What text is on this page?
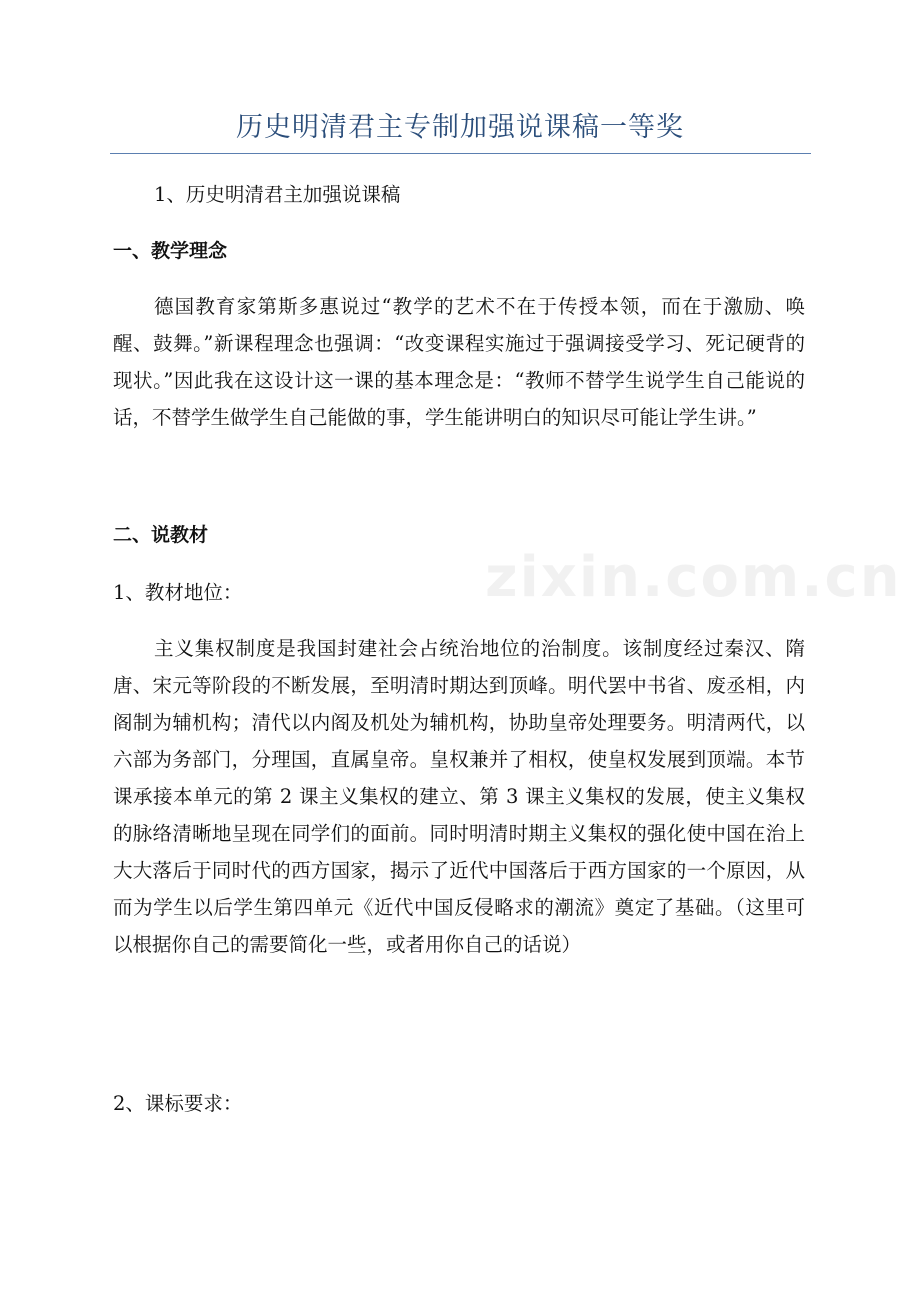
历史明清君主专制加强说课稿一等奖

1、历史明清君主加强说课稿

一、教学理念

德国教育家第斯多惠说过“教学的艺术不在于传授本领，而在于激励、唤醒、鼓舞。”新课程理念也强调：“改变课程实施过于强调接受学习、死记硬背的现状。”因此我在这设计这一课的基本理念是：“教师不替学生说学生自己能说的话，不替学生做学生自己能做的事，学生能讲明白的知识尽可能让学生讲。”

二、说教材

1、教材地位：

主义集权制度是我国封建社会占统治地位的治制度。该制度经过秦汉、隋唐、宋元等阶段的不断发展，至明清时期达到顶峰。明代罢中书省、废丞相，内阁制为辅机构；清代以内阁及机处为辅机构，协助皇帝处理要务。明清两代，以六部为务部门，分理国，直属皇帝。皇权兼并了相权，使皇权发展到顶端。本节课承接本单元的第 2 课主义集权的建立、第 3 课主义集权的发展，使主义集权的脉络清晰地呈现在同学们的面前。同时明清时期主义集权的强化使中国在治上大大落后于同时代的西方国家，揭示了近代中国落后于西方国家的一个原因，从而为学生以后学生第四单元《近代中国反侵略求的潮流》奠定了基础。（这里可以根据你自己的需要简化一些，或者用你自己的话说）

2、课标要求：

zixin.com.cn
